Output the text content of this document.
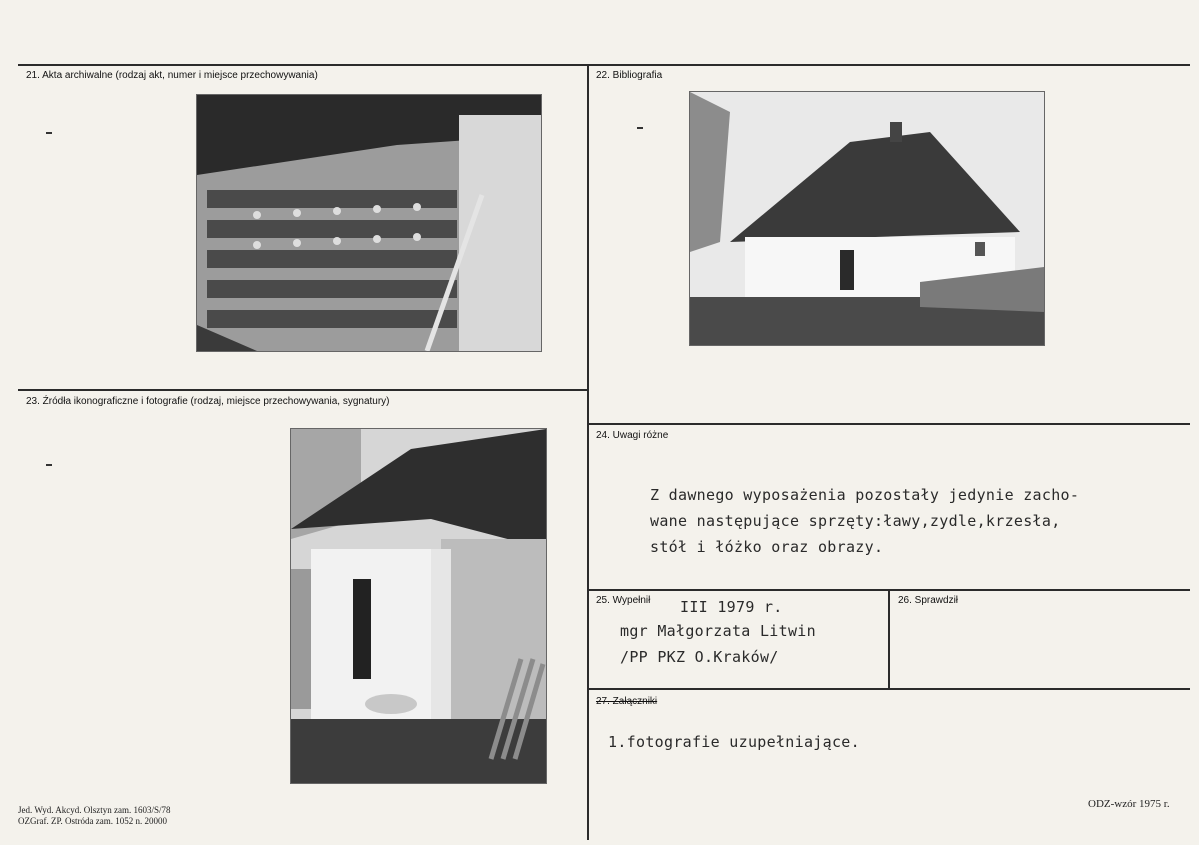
21. Akta archiwalne (rodzaj akt, numer i miejsce przechowywania)	22. Bibliografia
23. Źródła ikonograficzne i fotografie (rodzaj, miejsce przechowywania, sygnatury)
24. Uwagi różne
Z dawnego wyposażenia pozostały jedynie zacho-
wane następujące sprzęty:ławy,zydle,krzesła,
stół i łóżko oraz obrazy.
25. Wypełnił III 1979 r.
mgr Małgorzata Litwin
/PP PKZ O.Kraków/
26. Sprawdził
27. Załączniki
1.fotografie uzupełniające.
Jed. Wyd. Akcyd. Olsztyn zam. 1603/S/78
OZGraf. ZP. Ostróda zam. 1052 n. 20000
ODZ-wzór 1975 r.
